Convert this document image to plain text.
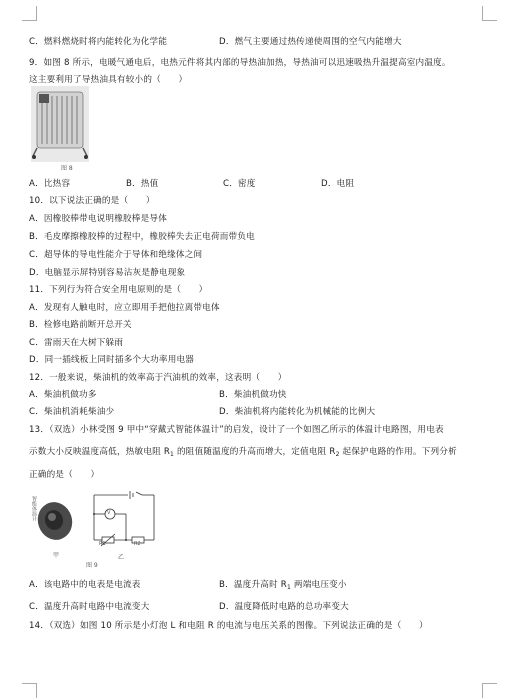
C．燃料燃烧时将内能转化为化学能	D．燃气主要通过热传递使周围的空气内能增大
9．如图 8 所示，电暖气通电后，电热元件将其内部的导热油加热，导热油可以迅速吸热升温提高室内温度。
这主要利用了导热油具有较小的（　　）
图 8
A．比热容	B．热值	C．密度	D．电阻
10．以下说法正确的是（　　）
A．因橡胶棒带电说明橡胶棒是导体
B．毛皮摩擦橡胶棒的过程中，橡胶棒失去正电荷而带负电
C．超导体的导电性能介于导体和绝缘体之间
D．电脑显示屏特别容易沾灰是静电现象
11．下列行为符合安全用电原则的是（　　）
A．发现有人触电时，应立即用手把他拉离带电体
B．检修电路前断开总开关
C．雷雨天在大树下躲雨
D．同一插线板上同时插多个大功率用电器
12．一般来说，柴油机的效率高于汽油机的效率，这表明（　　）
A．柴油机做功多	B．柴油机做功快
C．柴油机消耗柴油少	D．柴油机将内能转化为机械能的比例大
13．（双选）小林受图 9 甲中“穿戴式智能体温计”的启发，设计了一个如图乙所示的体温计电路图，用电表
示数大小反映温度高低，热敏电阻 $R_1$ 的阻值随温度的升高而增大，定值电阻 $R_2$ 起保护电路的作用。下列分析
正确的是（　　）
智能体温计
甲
V
R1	R2
乙
图 9
A．该电路中的电表是电流表	B．温度升高时 $R_1$ 两端电压变小
C．温度升高时电路中电流变大	D．温度降低时电路的总功率变大
14．（双选）如图 10 所示是小灯泡 L 和电阻 R 的电流与电压关系的图像。下列说法正确的是（　　）
